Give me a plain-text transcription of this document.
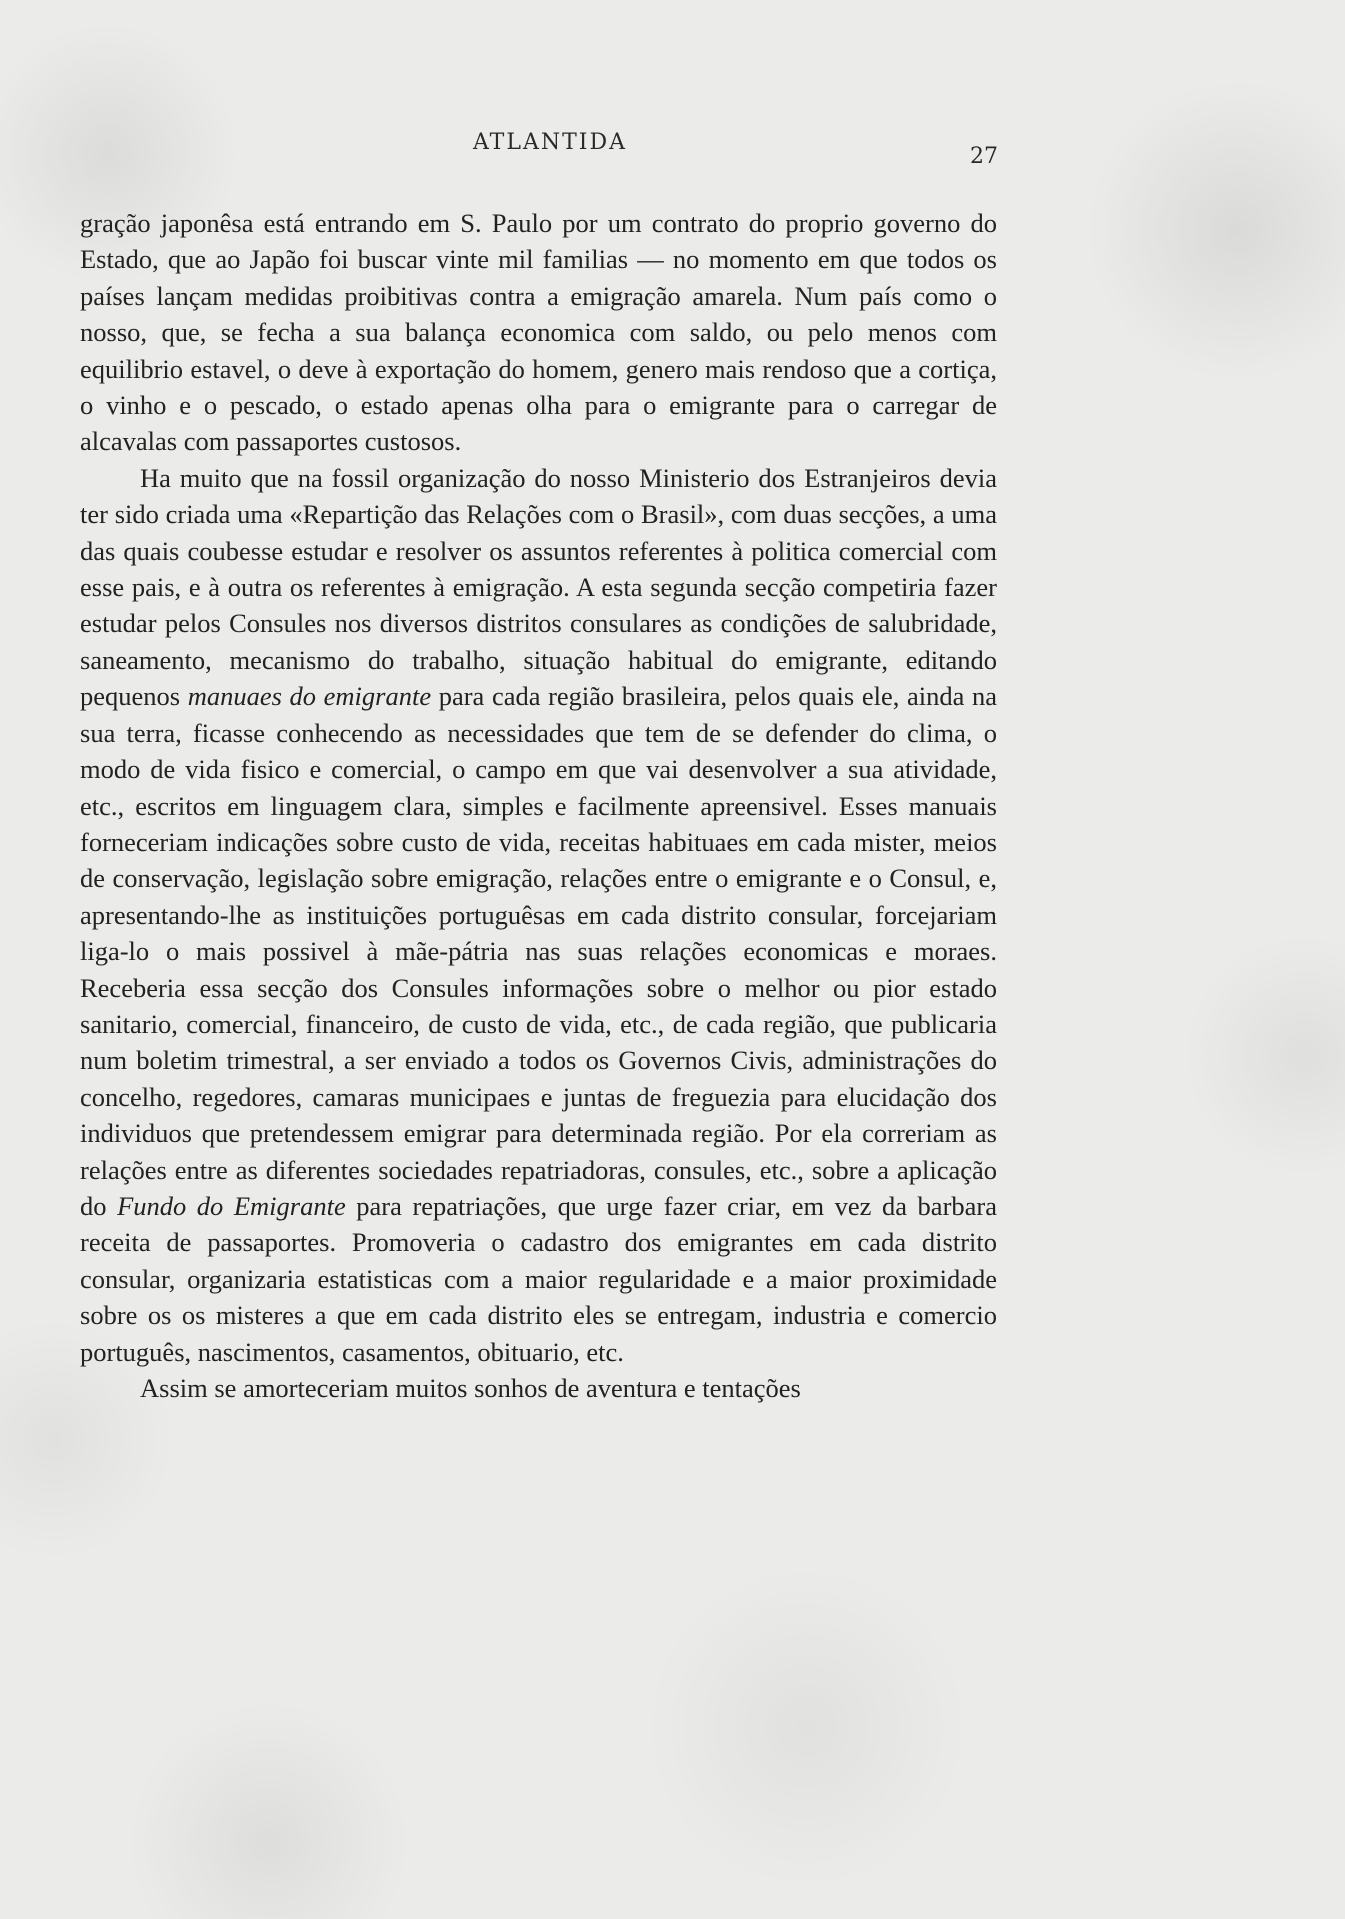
ATLANTIDA
27

gração japonêsa está entrando em S. Paulo por um contrato do proprio governo do Estado, que ao Japão foi buscar vinte mil familias — no momento em que todos os países lançam medidas proibitivas contra a emigração amarela. Num país como o nosso, que, se fecha a sua balança economica com saldo, ou pelo menos com equilibrio estavel, o deve à exportação do homem, genero mais rendoso que a cortiça, o vinho e o pescado, o estado apenas olha para o emigrante para o carregar de alcavalas com passaportes custosos.

Ha muito que na fossil organização do nosso Ministerio dos Estranjeiros devia ter sido criada uma «Repartição das Relações com o Brasil», com duas secções, a uma das quais coubesse estudar e resolver os assuntos referentes à politica comercial com esse pais, e à outra os referentes à emigração. A esta segunda secção competiria fazer estudar pelos Consules nos diversos distritos consulares as condições de salubridade, saneamento, mecanismo do trabalho, situação habitual do emigrante, editando pequenos manuaes do emigrante para cada região brasileira, pelos quais ele, ainda na sua terra, ficasse conhecendo as necessidades que tem de se defender do clima, o modo de vida fisico e comercial, o campo em que vai desenvolver a sua atividade, etc., escritos em linguagem clara, simples e facilmente apreensivel. Esses manuais forneceriam indicações sobre custo de vida, receitas habituaes em cada mister, meios de conservação, legislação sobre emigração, relações entre o emigrante e o Consul, e, apresentando-lhe as instituições portuguêsas em cada distrito consular, forcejariam liga-lo o mais possivel à mãe-pátria nas suas relações economicas e moraes. Receberia essa secção dos Consules informações sobre o melhor ou pior estado sanitario, comercial, financeiro, de custo de vida, etc., de cada região, que publicaria num boletim trimestral, a ser enviado a todos os Governos Civis, administrações do concelho, regedores, camaras municipaes e juntas de freguezia para elucidação dos individuos que pretendessem emigrar para determinada região. Por ela correriam as relações entre as diferentes sociedades repatriadoras, consules, etc., sobre a aplicação do Fundo do Emigrante para repatriações, que urge fazer criar, em vez da barbara receita de passaportes. Promoveria o cadastro dos emigrantes em cada distrito consular, organizaria estatisticas com a maior regularidade e a maior proximidade sobre os os misteres a que em cada distrito eles se entregam, industria e comercio português, nascimentos, casamentos, obituario, etc.

Assim se amorteceriam muitos sonhos de aventura e tentações
